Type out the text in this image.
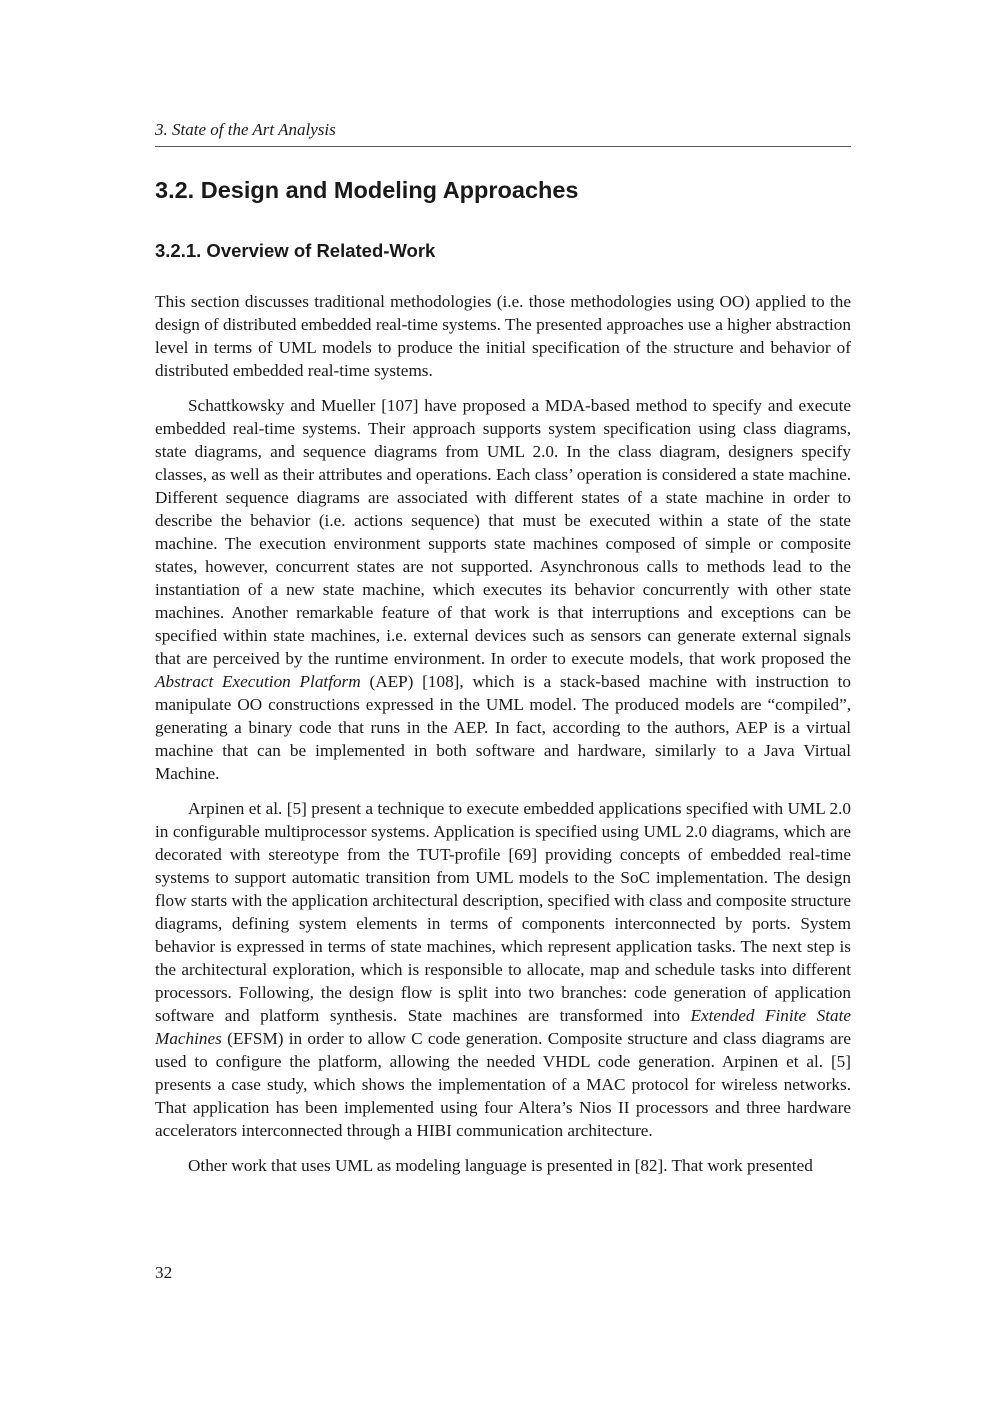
3. State of the Art Analysis
3.2. Design and Modeling Approaches
3.2.1. Overview of Related-Work

This section discusses traditional methodologies (i.e. those methodologies using OO) applied to the design of distributed embedded real-time systems. The presented approaches use a higher abstraction level in terms of UML models to produce the initial specification of the structure and behavior of distributed embedded real-time systems.

Schattkowsky and Mueller [107] have proposed a MDA-based method to specify and execute embedded real-time systems. Their approach supports system specification using class diagrams, state diagrams, and sequence diagrams from UML 2.0. In the class diagram, designers specify classes, as well as their attributes and operations. Each class’ operation is considered a state machine. Different sequence diagrams are associated with different states of a state machine in order to describe the behavior (i.e. actions sequence) that must be executed within a state of the state machine. The execution environment supports state machines composed of simple or composite states, however, concurrent states are not supported. Asynchronous calls to methods lead to the instantiation of a new state machine, which executes its behavior concurrently with other state machines. Another remarkable feature of that work is that interruptions and exceptions can be specified within state machines, i.e. external devices such as sensors can generate external signals that are perceived by the runtime environment. In order to execute models, that work proposed the Abstract Execution Platform (AEP) [108], which is a stack-based machine with instruction to manipulate OO constructions expressed in the UML model. The produced models are “compiled”, generating a binary code that runs in the AEP. In fact, according to the authors, AEP is a virtual machine that can be implemented in both software and hardware, similarly to a Java Virtual Machine.

Arpinen et al. [5] present a technique to execute embedded applications specified with UML 2.0 in configurable multiprocessor systems. Application is specified using UML 2.0 diagrams, which are decorated with stereotype from the TUT-profile [69] providing concepts of embedded real-time systems to support automatic transition from UML models to the SoC implementation. The design flow starts with the application architectural description, specified with class and composite structure diagrams, defining system elements in terms of components interconnected by ports. System behavior is expressed in terms of state machines, which represent application tasks. The next step is the architectural exploration, which is responsible to allocate, map and schedule tasks into different processors. Following, the design flow is split into two branches: code generation of application software and platform synthesis. State machines are transformed into Extended Finite State Machines (EFSM) in order to allow C code generation. Composite structure and class diagrams are used to configure the platform, allowing the needed VHDL code generation. Arpinen et al. [5] presents a case study, which shows the implementation of a MAC protocol for wireless networks. That application has been implemented using four Altera’s Nios II processors and three hardware accelerators interconnected through a HIBI communication architecture.

Other work that uses UML as modeling language is presented in [82]. That work presented

32
